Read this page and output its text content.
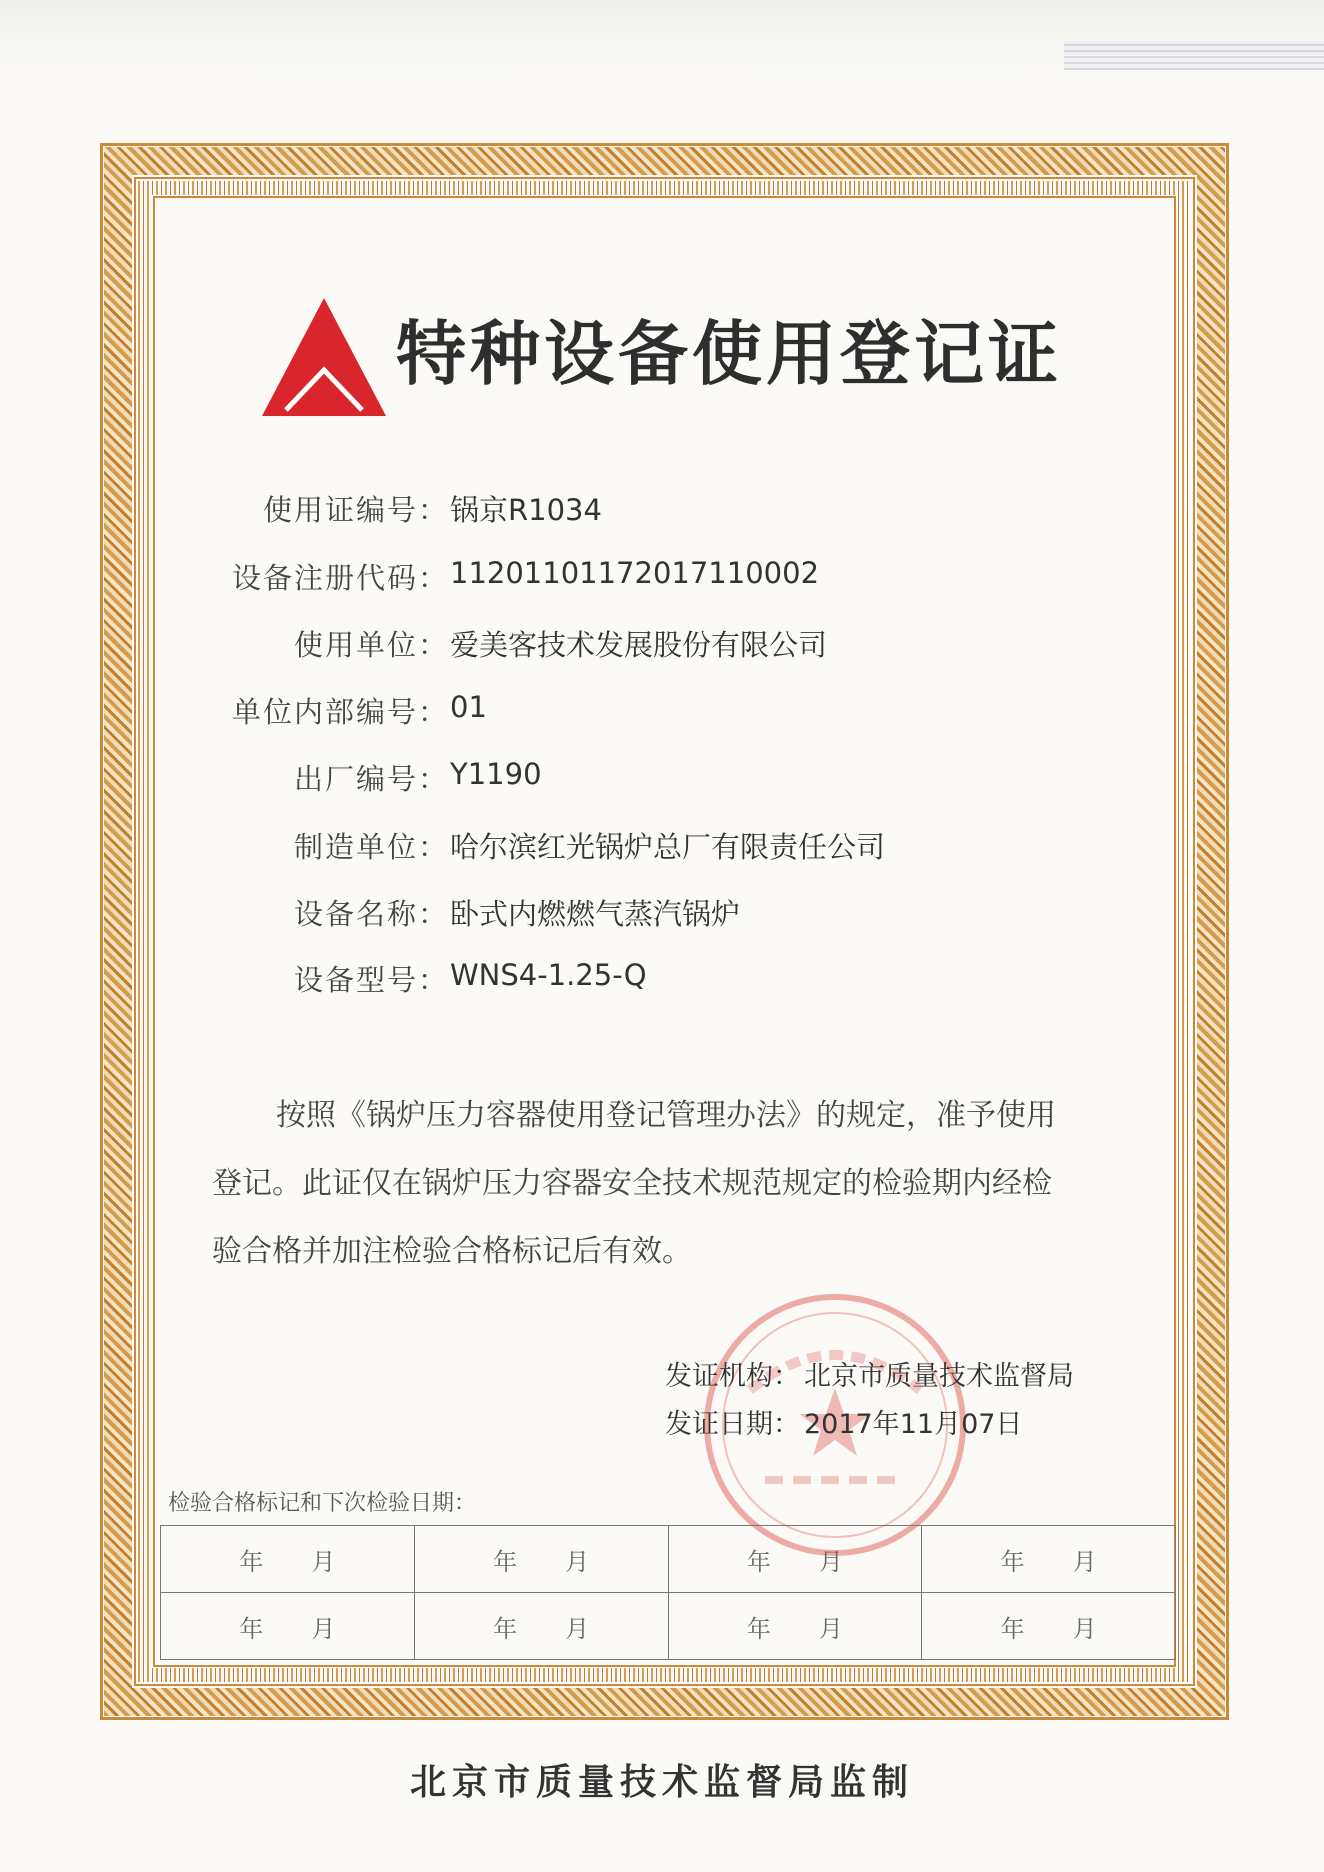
特种设备使用登记证
使用证编号 ： 锅京R1034
设备注册代码 ： 11201101172017110002
使用单位 ： 爱美客技术发展股份有限公司
单位内部编号 ： 01
出厂编号 ： Y1190
制造单位 ： 哈尔滨红光锅炉总厂有限责任公司
设备名称 ： 卧式内燃燃气蒸汽锅炉
设备型号 ： WNS4-1.25-Q
按照《锅炉压力容器使用登记管理办法》的规定，准予使用
登记。此证仅在锅炉压力容器安全技术规范规定的检验期内经检
验合格并加注检验合格标记后有效。
发证机构： 北京市质量技术监督局
发证日期： 2017年11月07日
检验合格标记和下次检验日期：
年 月	年 月	年 月	年 月
年 月	年 月	年 月	年 月
北京市质量技术监督局监制
